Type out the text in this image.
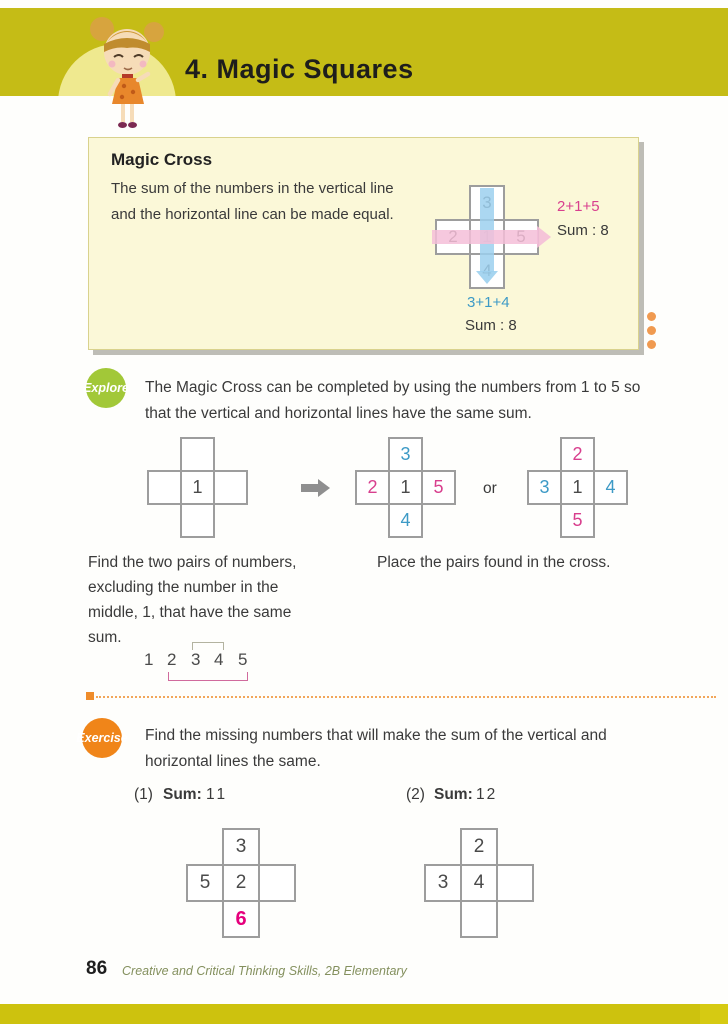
4. Magic Squares
Magic Cross
The sum of the numbers in the vertical line
and the horizontal line can be made equal.	2+1+5
Sum : 8
3+1+4
Sum : 8
Explore The Magic Cross can be completed by using the numbers from 1 to 5 so
that the vertical and horizontal lines have the same sum.
1
3
2 1 5
4
or
2
3 1 4
5
Find the two pairs of numbers,
excluding the number in the
middle, 1, that have the same
sum.
Place the pairs found in the cross.
1 2 3 4 5
Exercise Find the missing numbers that will make the sum of the vertical and
horizontal lines the same.
(1) Sum: 11
3
5 2
6
(2) Sum: 12
2
3 4
86 Creative and Critical Thinking Skills, 2B Elementary
